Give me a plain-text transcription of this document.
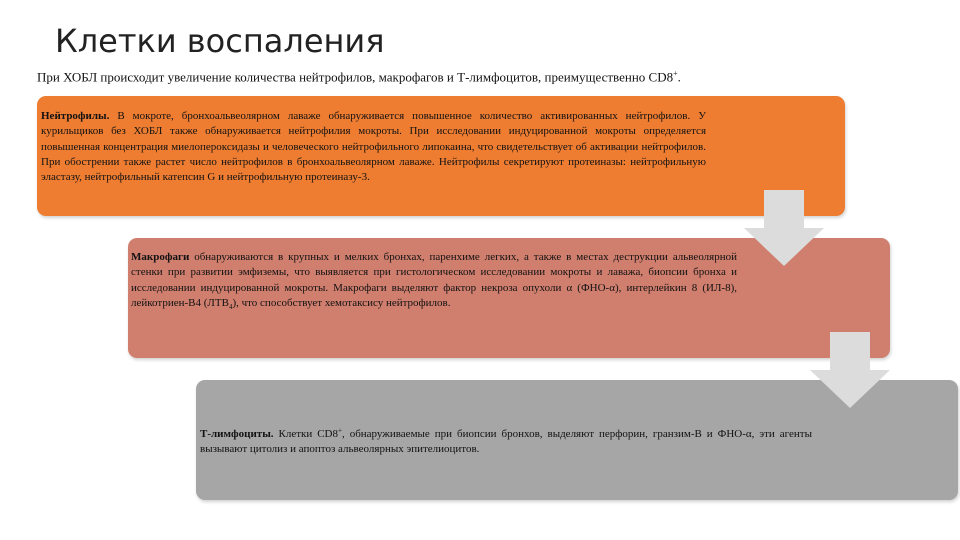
Клетки воспаления
При ХОБЛ происходит увеличение количества нейтрофилов, макрофагов и Т-лимфоцитов, преимущественно CD8+.
Нейтрофилы. В мокроте, бронхоальвеолярном лаваже обнаруживается повышенное количество активированных нейтрофилов. У курильщиков без ХОБЛ также обнаруживается нейтрофилия мокроты. При исследовании индуцированной мокроты определяется повышенная концентрация миелопероксидазы и человеческого нейтрофильного липокаина, что свидетельствует об активации нейтрофилов. При обострении также растет число нейтрофилов в бронхоальвеолярном лаваже. Нейтрофилы секретируют протеиназы: нейтрофильную эластазу, нейтрофильный катепсин G и нейтрофильную протеиназу-3.
Макрофаги обнаруживаются в крупных и мелких бронхах, паренхиме легких, а также в местах деструкции альвеолярной стенки при развитии эмфиземы, что выявляется при гистологическом исследовании мокроты и лаважа, биопсии бронха и исследовании индуцированной мокроты. Макрофаги выделяют фактор некроза опухоли α (ФНО-α), интерлейкин 8 (ИЛ-8), лейкотриен-В4 $(ЛТВ_4)$, что способствует хемотаксису нейтрофилов.
Т-лимфоциты. Клетки CD8+, обнаруживаемые при биопсии бронхов, выделяют перфорин, гранзим-В и ФНО-α, эти агенты вызывают цитолиз и апоптоз альвеолярных эпителиоцитов.
